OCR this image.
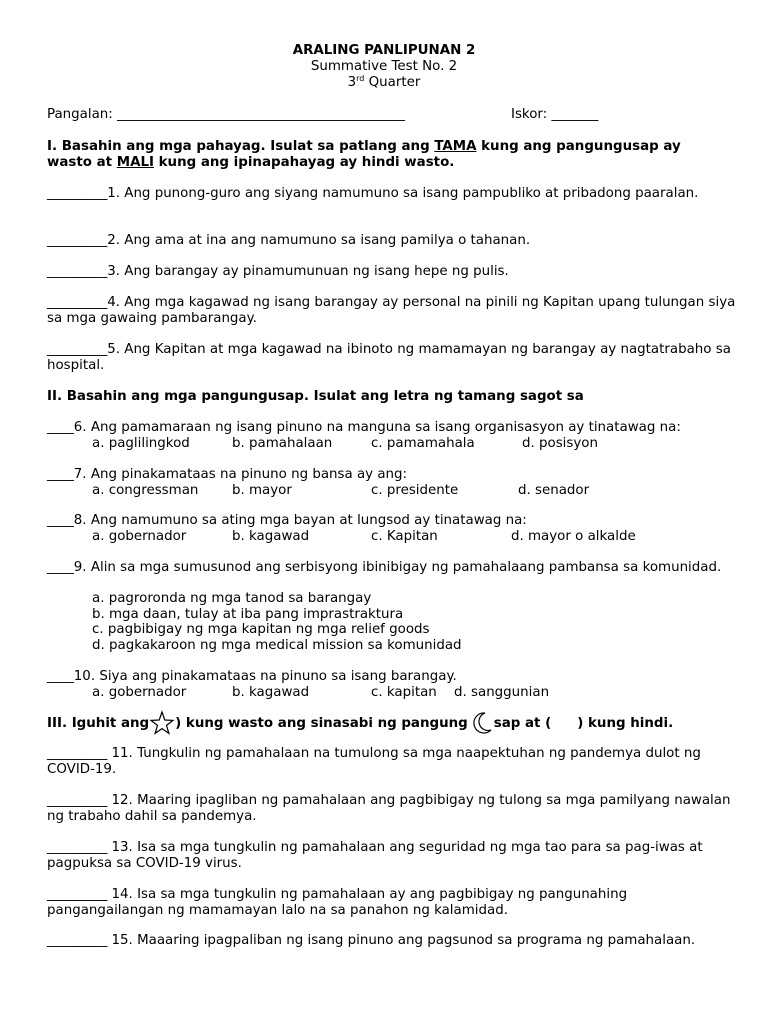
ARALING PANLIPUNAN 2
Summative Test No. 2
3rd Quarter
Pangalan: ___________________________________________	Iskor: _______
I. Basahin ang mga pahayag. Isulat sa patlang ang TAMA kung ang pangungusap ay
wasto at MALI kung ang ipinapahayag ay hindi wasto.
_________1. Ang punong-guro ang siyang namumuno sa isang pampubliko at pribadong paaralan.
_________2. Ang ama at ina ang namumuno sa isang pamilya o tahanan.
_________3. Ang barangay ay pinamumunuan ng isang hepe ng pulis.
_________4. Ang mga kagawad ng isang barangay ay personal na pinili ng Kapitan upang tulungan siya sa mga gawaing pambarangay.
_________5. Ang Kapitan at mga kagawad na ibinoto ng mamamayan ng barangay ay nagtatrabaho sa hospital.
II. Basahin ang mga pangungusap. Isulat ang letra ng tamang sagot sa
____6. Ang pamamaraan ng isang pinuno na manguna sa isang organisasyon ay tinatawag na:
a. paglilingkod	b. pamahalaan	c. pamamahala	d. posisyon
____7. Ang pinakamataas na pinuno ng bansa ay ang:
a. congressman	b. mayor	c. presidente	d. senador
____8. Ang namumuno sa ating mga bayan at lungsod ay tinatawag na:
a. gobernador	b. kagawad	c. Kapitan	d. mayor o alkalde
____9. Alin sa mga sumusunod ang serbisyong ibinibigay ng pamahalaang pambansa sa komunidad.
a. pagroronda ng mga tanod sa barangay
b. mga daan, tulay at iba pang imprastraktura
c. pagbibigay ng mga kapitan ng mga relief goods
d. pagkakaroon ng mga medical mission sa komunidad
____10. Siya ang pinakamataas na pinuno sa isang barangay.
a. gobernador	b. kagawad	c. kapitan d. sanggunian
III. Iguhit ang ) kung wasto ang sinasabi ng pangung sap at ( ) kung hindi.
_________ 11. Tungkulin ng pamahalaan na tumulong sa mga naapektuhan ng pandemya dulot ng COVID-19.
_________ 12. Maaring ipagliban ng pamahalaan ang pagbibigay ng tulong sa mga pamilyang nawalan ng trabaho dahil sa pandemya.
_________ 13. Isa sa mga tungkulin ng pamahalaan ang seguridad ng mga tao para sa pag-iwas at pagpuksa sa COVID-19 virus.
_________ 14. Isa sa mga tungkulin ng pamahalaan ay ang pagbibigay ng pangunahing pangangailangan ng mamamayan lalo na sa panahon ng kalamidad.
_________ 15. Maaaring ipagpaliban ng isang pinuno ang pagsunod sa programa ng pamahalaan.
